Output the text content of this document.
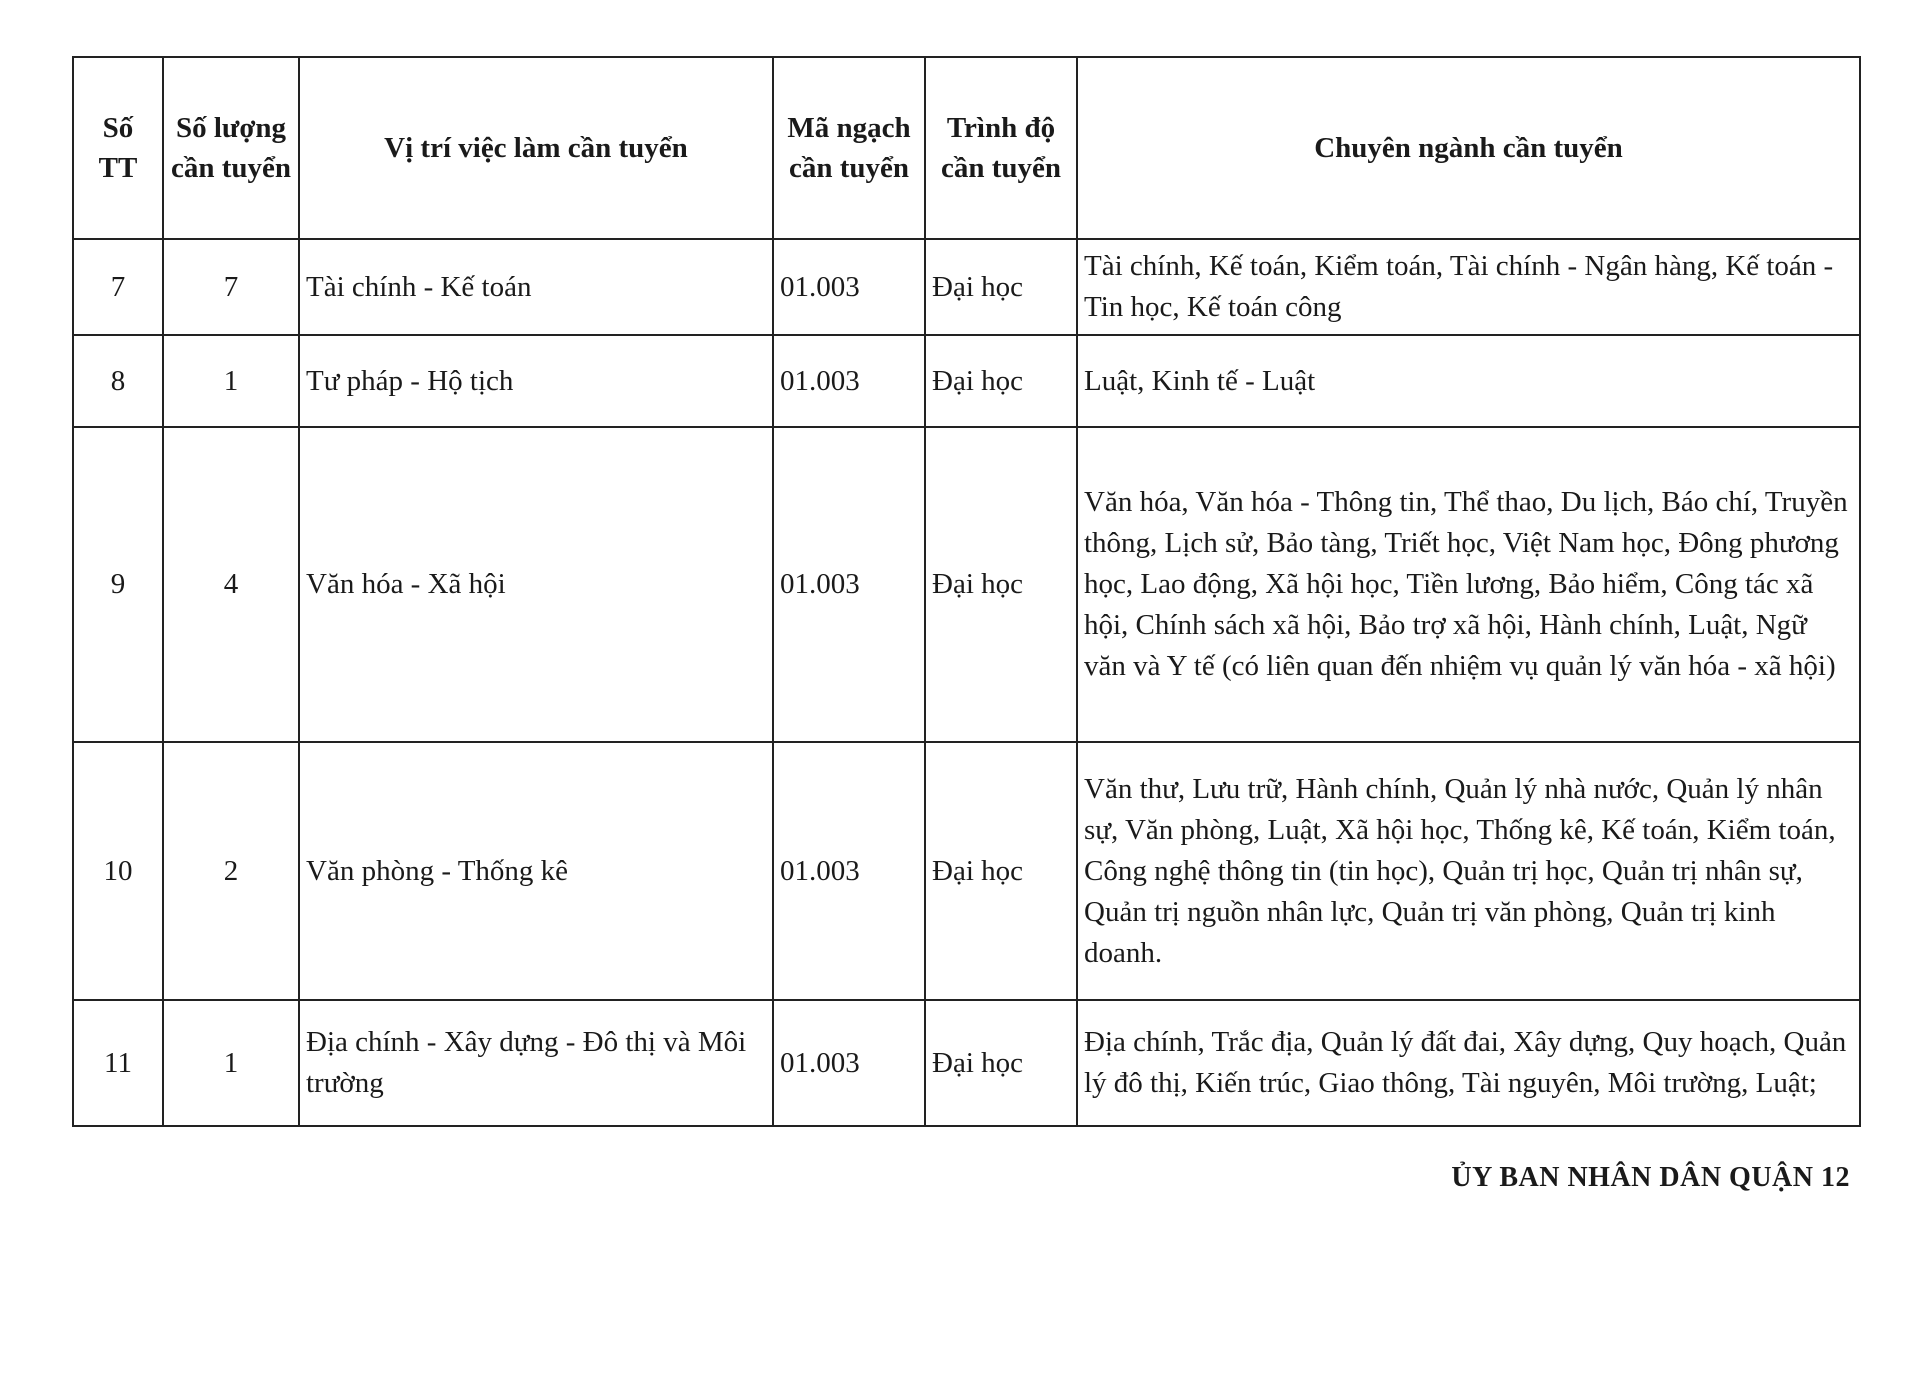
Số TT	Số lượng cần tuyển	Vị trí việc làm cần tuyển	Mã ngạch cần tuyển	Trình độ cần tuyển	Chuyên ngành cần tuyển
7	7	Tài chính - Kế toán	01.003	Đại học	Tài chính, Kế toán, Kiểm toán, Tài chính - Ngân hàng, Kế toán - Tin học, Kế toán công
8	1	Tư pháp - Hộ tịch	01.003	Đại học	Luật, Kinh tế - Luật
9	4	Văn hóa - Xã hội	01.003	Đại học	Văn hóa, Văn hóa - Thông tin, Thể thao, Du lịch, Báo chí, Truyền thông, Lịch sử, Bảo tàng, Triết học, Việt Nam học, Đông phương học, Lao động, Xã hội học, Tiền lương, Bảo hiểm, Công tác xã hội, Chính sách xã hội, Bảo trợ xã hội, Hành chính, Luật, Ngữ văn và Y tế (có liên quan đến nhiệm vụ quản lý văn hóa - xã hội)
10	2	Văn phòng - Thống kê	01.003	Đại học	Văn thư, Lưu trữ, Hành chính, Quản lý nhà nước, Quản lý nhân sự, Văn phòng, Luật, Xã hội học, Thống kê, Kế toán, Kiểm toán, Công nghệ thông tin (tin học), Quản trị học, Quản trị nhân sự, Quản trị nguồn nhân lực, Quản trị văn phòng, Quản trị kinh doanh.
11	1	Địa chính - Xây dựng - Đô thị và Môi trường	01.003	Đại học	Địa chính, Trắc địa, Quản lý đất đai, Xây dựng, Quy hoạch, Quản lý đô thị, Kiến trúc, Giao thông, Tài nguyên, Môi trường, Luật;
ỦY BAN NHÂN DÂN QUẬN 12
